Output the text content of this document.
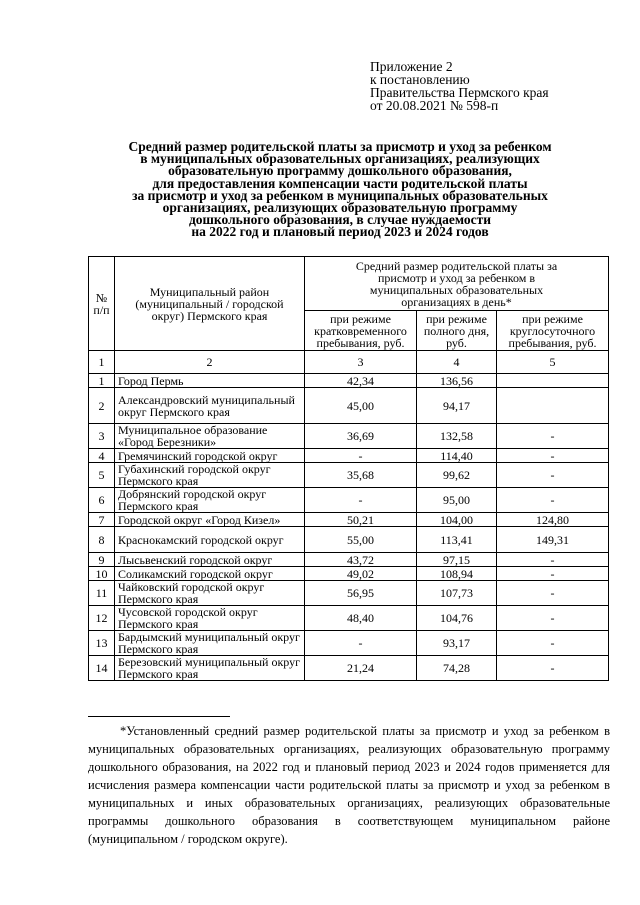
Приложение 2
к постановлению
Правительства Пермского края
от 20.08.2021 № 598-п
Средний размер родительской платы за присмотр и уход за ребенком
в муниципальных образовательных организациях, реализующих
образовательную программу дошкольного образования,
для предоставления компенсации части родительской платы
за присмотр и уход за ребенком в муниципальных образовательных
организациях, реализующих образовательную программу
дошкольного образования, в случае нуждаемости
на 2022 год и плановый период 2023 и 2024 годов
№ п/п	Муниципальный район (муниципальный / городской округ) Пермского края	Средний размер родительской платы за присмотр и уход за ребенком в муниципальных образовательных организациях в день*		
		при режиме кратковременного пребывания, руб.	при режиме полного дня, руб.	при режиме круглосуточного пребывания, руб.
1	2	3	4	5
1	Город Пермь	42,34	136,56	
2	Александровский муниципальный округ Пермского края	45,00	94,17	
3	Муниципальное образование «Город Березники»	36,69	132,58	-
4	Гремячинский городской округ	-	114,40	-
5	Губахинский городской округ Пермского края	35,68	99,62	-
6	Добрянский городской округ Пермского края	-	95,00	-
7	Городской округ «Город Кизел»	50,21	104,00	124,80
8	Краснокамский городской округ	55,00	113,41	149,31
9	Лысьвенский городской округ	43,72	97,15	-
10	Соликамский городской округ	49,02	108,94	-
11	Чайковский городской округ Пермского края	56,95	107,73	-
12	Чусовской городской округ Пермского края	48,40	104,76	-
13	Бардымский муниципальный округ Пермского края	-	93,17	-
14	Березовский муниципальный округ Пермского края	21,24	74,28	-
*Установленный средний размер родительской платы за присмотр и уход за ребенком в муниципальных образовательных организациях, реализующих образовательную программу дошкольного образования, на 2022 год и плановый период 2023 и 2024 годов применяется для исчисления размера компенсации части родительской платы за присмотр и уход за ребенком в муниципальных и иных образовательных организациях, реализующих образовательные программы дошкольного образования в соответствующем муниципальном районе (муниципальном / городском округе).
